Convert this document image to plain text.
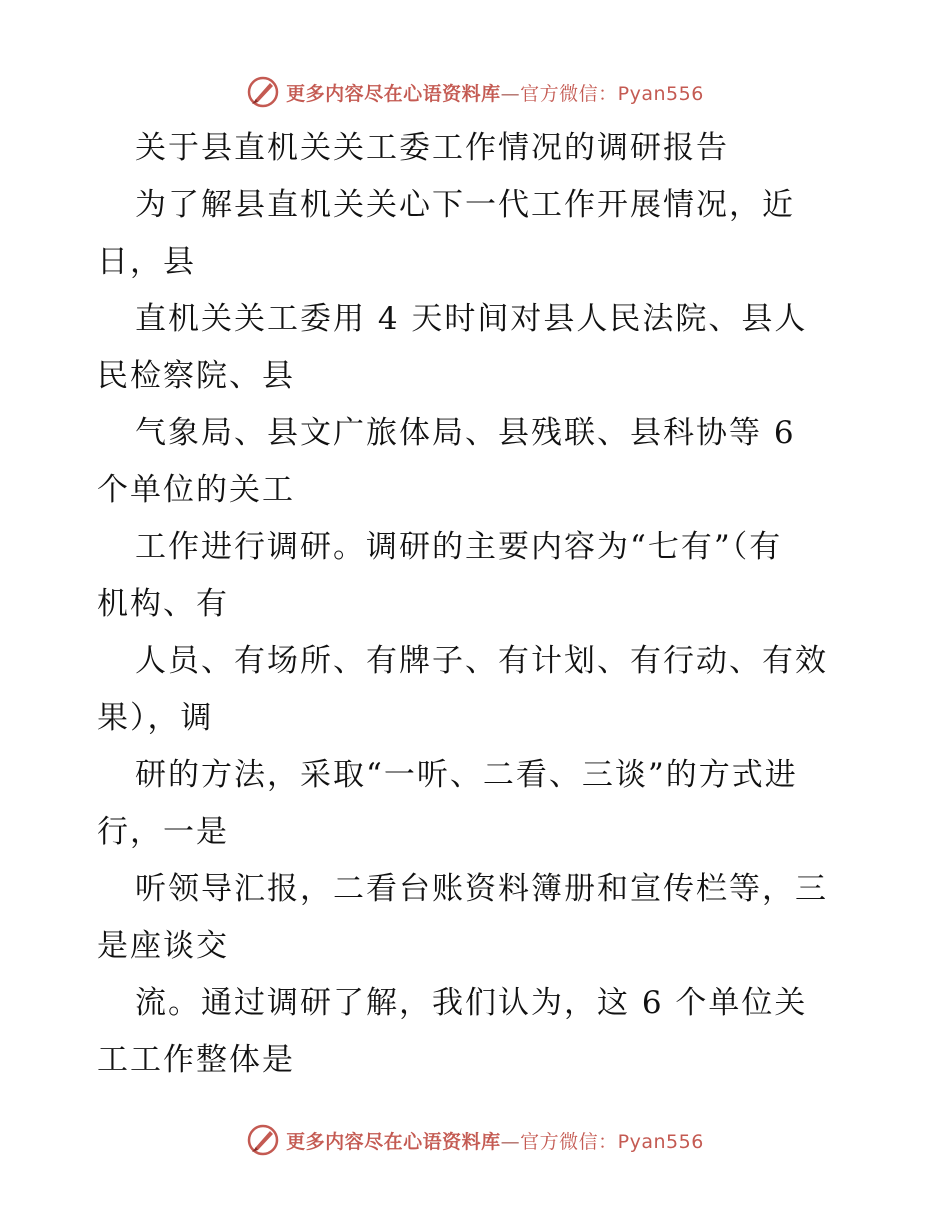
更多内容尽在心语资料库—官方微信：Pyan556
关于县直机关关工委工作情况的调研报告
为了解县直机关关心下一代工作开展情况，近
日，县
直机关关工委用 4 天时间对县人民法院、县人
民检察院、县
气象局、县文广旅体局、县残联、县科协等 6
个单位的关工
工作进行调研。调研的主要内容为“七有”（有
机构、有
人员、有场所、有牌子、有计划、有行动、有效
果），调
研的方法，采取“一听、二看、三谈”的方式进
行，一是
听领导汇报，二看台账资料簿册和宣传栏等，三
是座谈交
流。通过调研了解，我们认为，这 6 个单位关
工工作整体是
更多内容尽在心语资料库—官方微信：Pyan556
